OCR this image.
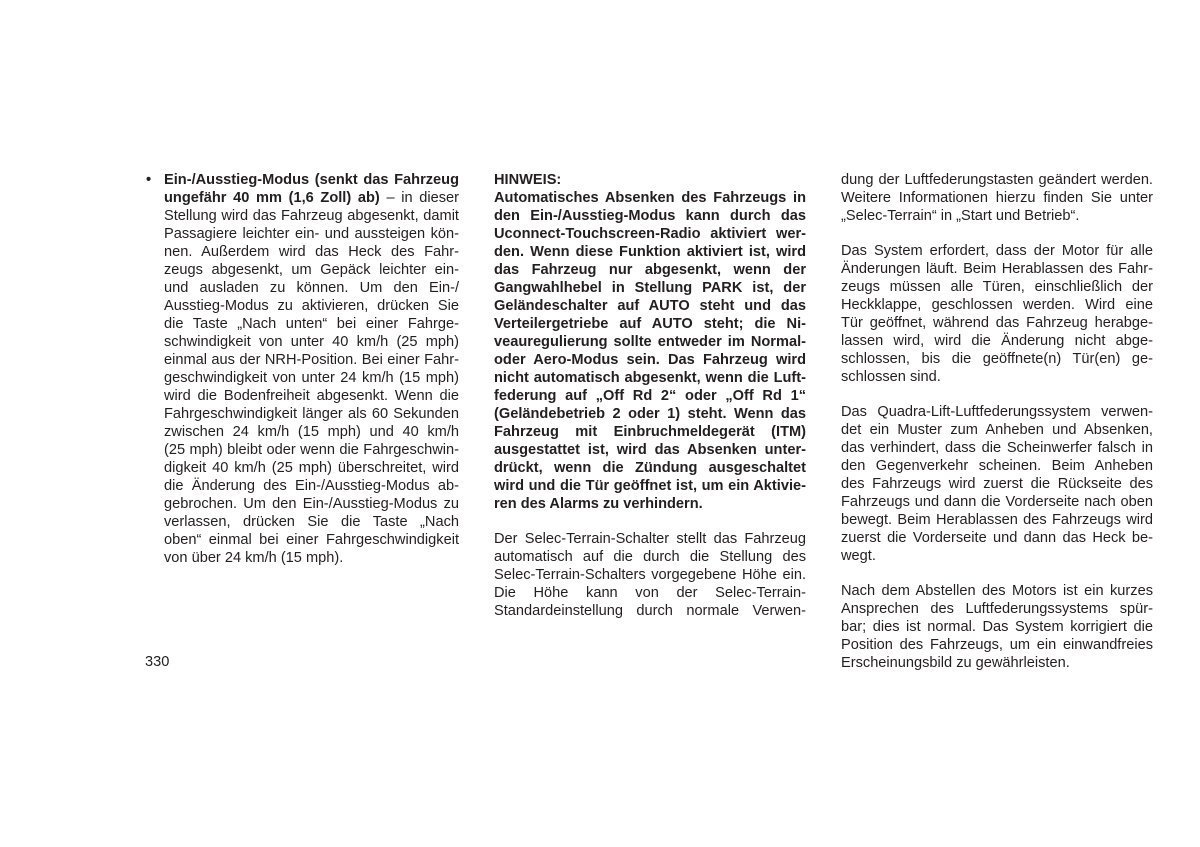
• Ein-/Ausstieg-Modus (senkt das Fahrzeug
ungefähr 40 mm (1,6 Zoll) ab) – in dieser
Stellung wird das Fahrzeug abgesenkt, damit
Passagiere leichter ein- und aussteigen kön-
nen. Außerdem wird das Heck des Fahr-
zeugs abgesenkt, um Gepäck leichter ein-
und ausladen zu können. Um den Ein-/
Ausstieg-Modus zu aktivieren, drücken Sie
die Taste „Nach unten“ bei einer Fahrge-
schwindigkeit von unter 40 km/h (25 mph)
einmal aus der NRH-Position. Bei einer Fahr-
geschwindigkeit von unter 24 km/h (15 mph)
wird die Bodenfreiheit abgesenkt. Wenn die
Fahrgeschwindigkeit länger als 60 Sekunden
zwischen 24 km/h (15 mph) und 40 km/h
(25 mph) bleibt oder wenn die Fahrgeschwin-
digkeit 40 km/h (25 mph) überschreitet, wird
die Änderung des Ein-/Ausstieg-Modus ab-
gebrochen. Um den Ein-/Ausstieg-Modus zu
verlassen, drücken Sie die Taste „Nach
oben“ einmal bei einer Fahrgeschwindigkeit
von über 24 km/h (15 mph).

HINWEIS:

Automatisches Absenken des Fahrzeugs in
den Ein-/Ausstieg-Modus kann durch das
Uconnect-Touchscreen-Radio aktiviert wer-
den. Wenn diese Funktion aktiviert ist, wird
das Fahrzeug nur abgesenkt, wenn der
Gangwahlhebel in Stellung PARK ist, der
Geländeschalter auf AUTO steht und das
Verteilergetriebe auf AUTO steht; die Ni-
veauregulierung sollte entweder im Normal-
oder Aero-Modus sein. Das Fahrzeug wird
nicht automatisch abgesenkt, wenn die Luft-
federung auf „Off Rd 2“ oder „Off Rd 1“
(Geländebetrieb 2 oder 1) steht. Wenn das
Fahrzeug mit Einbruchmeldegerät (ITM)
ausgestattet ist, wird das Absenken unter-
drückt, wenn die Zündung ausgeschaltet
wird und die Tür geöffnet ist, um ein Aktivie-
ren des Alarms zu verhindern.
Der Selec-Terrain-Schalter stellt das Fahrzeug
automatisch auf die durch die Stellung des
Selec-Terrain-Schalters vorgegebene Höhe ein.
Die Höhe kann von der Selec-Terrain-
Standardeinstellung durch normale Verwen-
dung der Luftfederungstasten geändert werden.
Weitere Informationen hierzu finden Sie unter
„Selec-Terrain“ in „Start und Betrieb“.
Das System erfordert, dass der Motor für alle
Änderungen läuft. Beim Herablassen des Fahr-
zeugs müssen alle Türen, einschließlich der
Heckklappe, geschlossen werden. Wird eine
Tür geöffnet, während das Fahrzeug herabge-
lassen wird, wird die Änderung nicht abge-
schlossen, bis die geöffnete(n) Tür(en) ge-
schlossen sind.
Das Quadra-Lift-Luftfederungssystem verwen-
det ein Muster zum Anheben und Absenken,
das verhindert, dass die Scheinwerfer falsch in
den Gegenverkehr scheinen. Beim Anheben
des Fahrzeugs wird zuerst die Rückseite des
Fahrzeugs und dann die Vorderseite nach oben
bewegt. Beim Herablassen des Fahrzeugs wird
zuerst die Vorderseite und dann das Heck be-
wegt.
Nach dem Abstellen des Motors ist ein kurzes
Ansprechen des Luftfederungssystems spür-
bar; dies ist normal. Das System korrigiert die
Position des Fahrzeugs, um ein einwandfreies
Erscheinungsbild zu gewährleisten.
330
